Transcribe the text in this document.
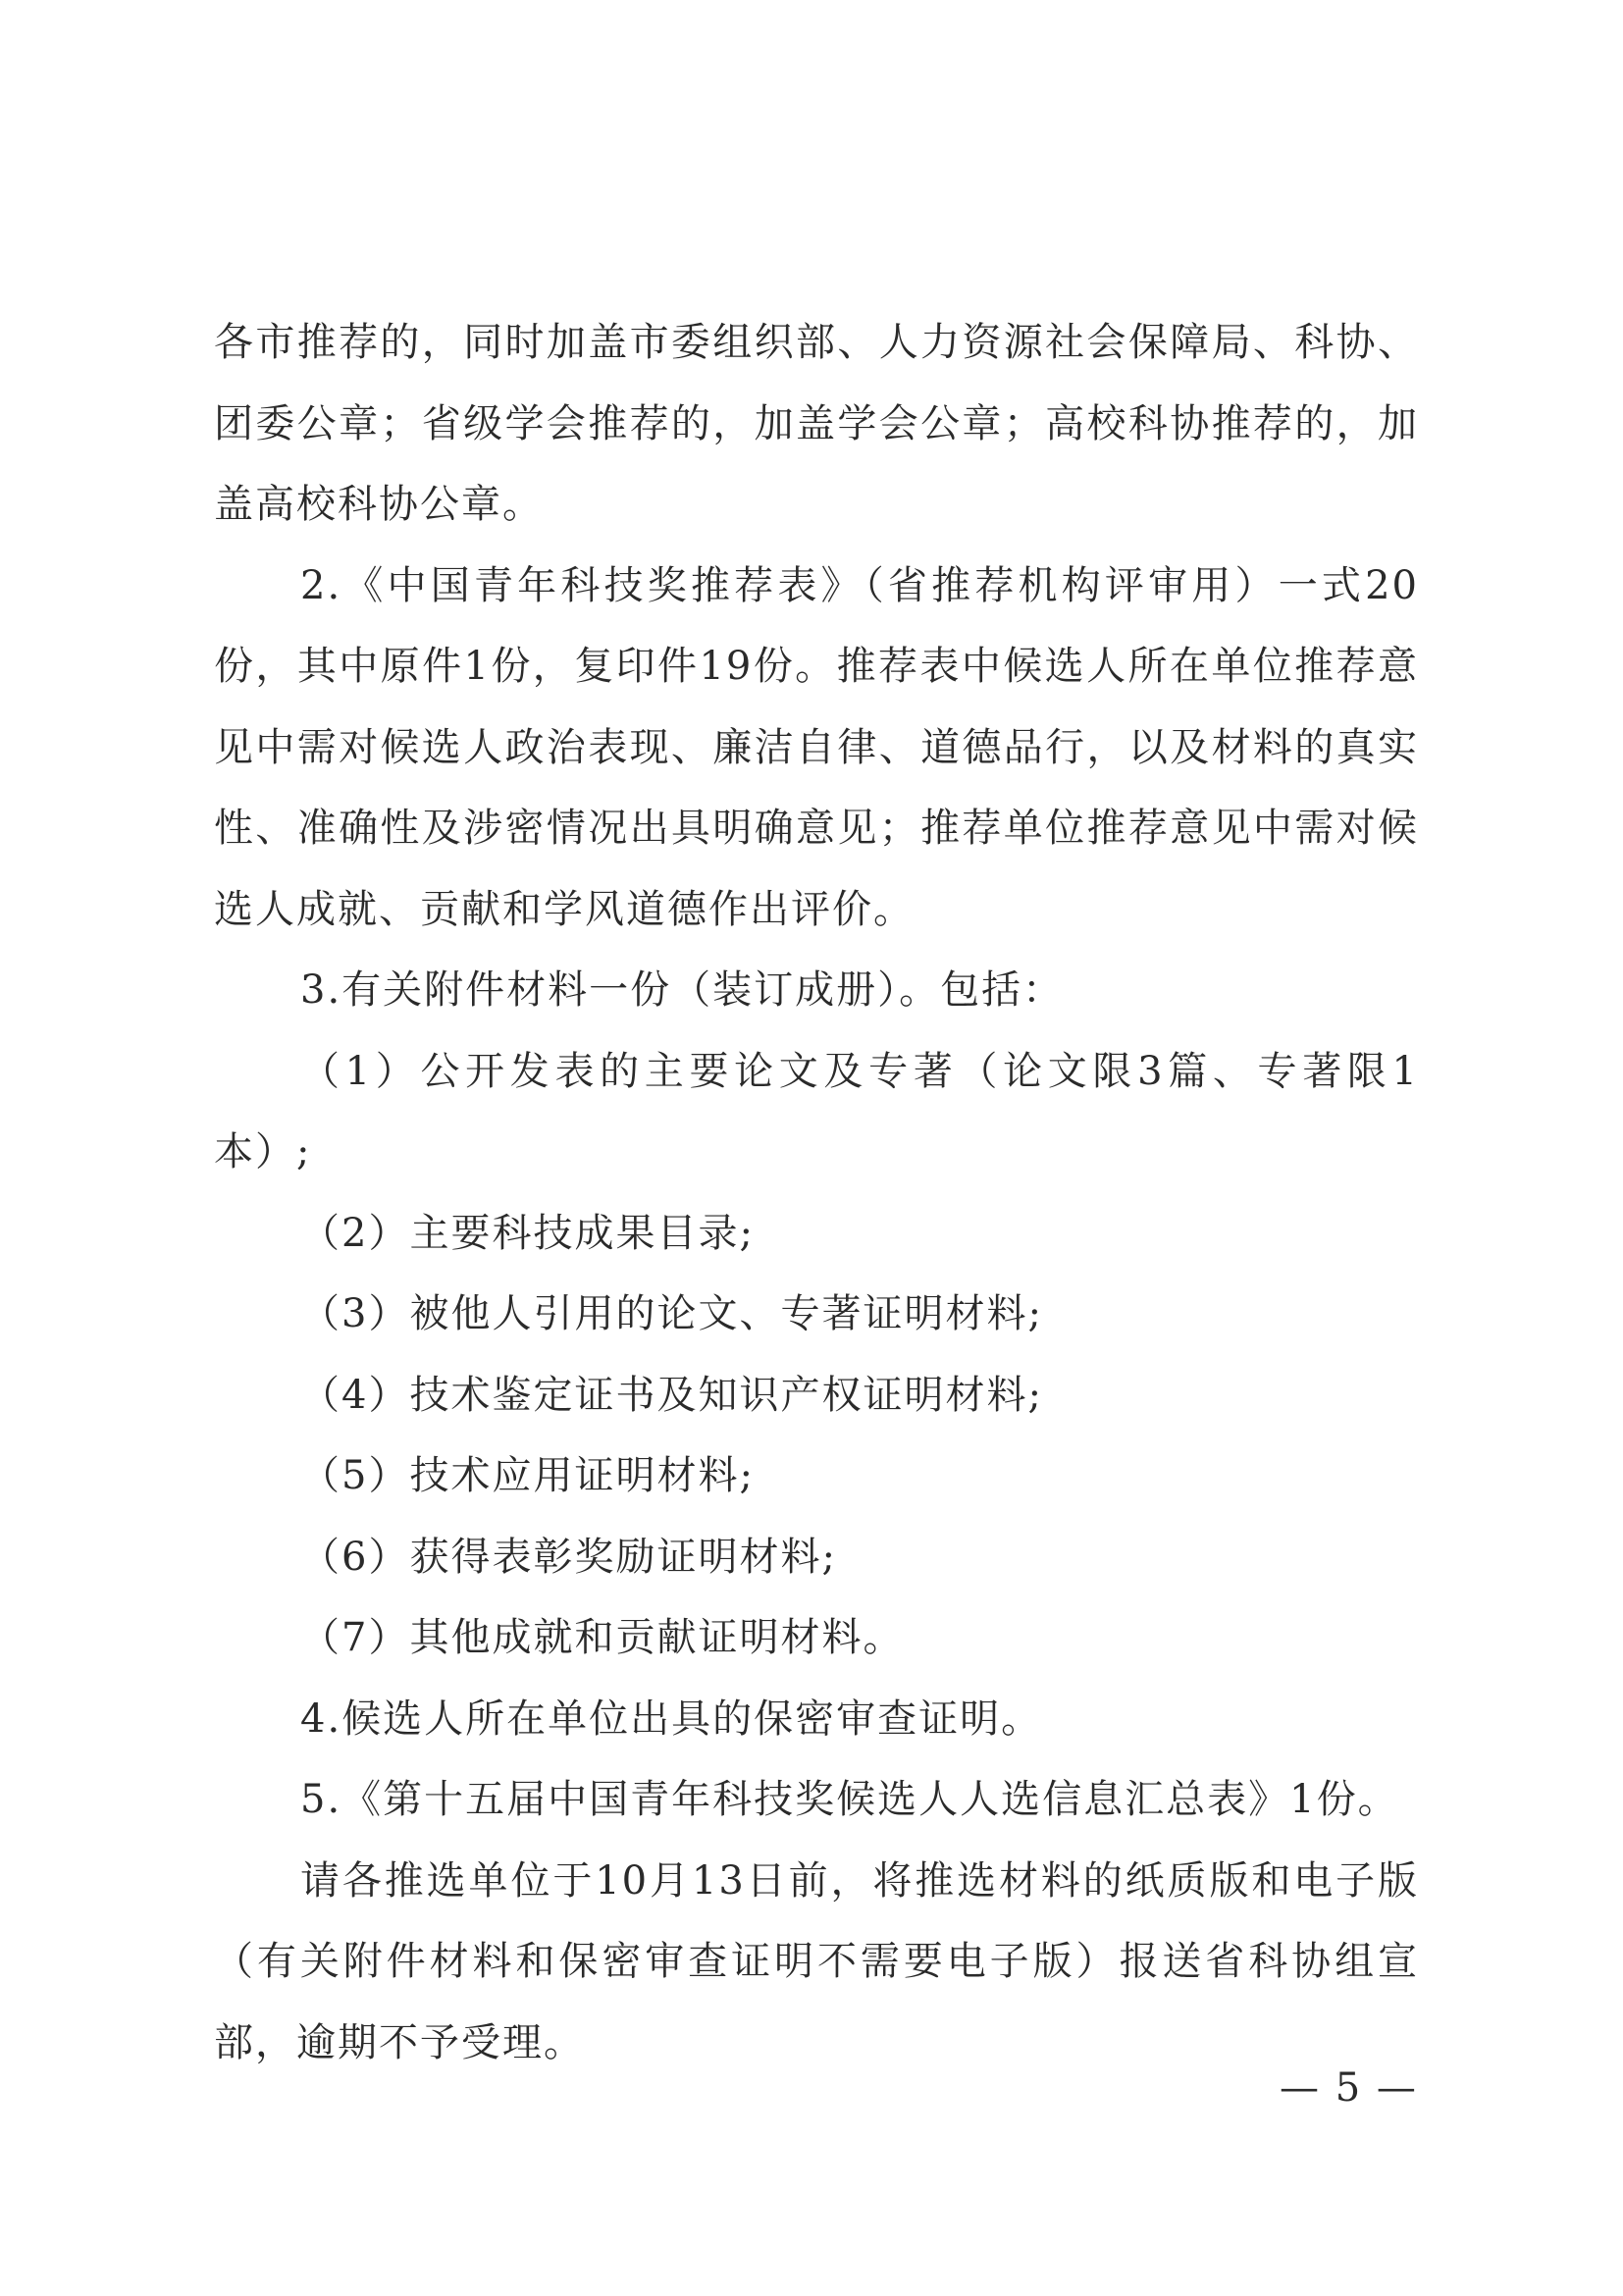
各市推荐的，同时加盖市委组织部、人力资源社会保障局、科协、团委公章；省级学会推荐的，加盖学会公章；高校科协推荐的，加盖高校科协公章。

2.《中国青年科技奖推荐表》（省推荐机构评审用）一式20份，其中原件1份，复印件19份。推荐表中候选人所在单位推荐意见中需对候选人政治表现、廉洁自律、道德品行，以及材料的真实性、准确性及涉密情况出具明确意见；推荐单位推荐意见中需对候选人成就、贡献和学风道德作出评价。

3.有关附件材料一份（装订成册）。包括：

（1）公开发表的主要论文及专著（论文限3篇、专著限1本）;

（2）主要科技成果目录;

（3）被他人引用的论文、专著证明材料;

（4）技术鉴定证书及知识产权证明材料;

（5）技术应用证明材料;

（6）获得表彰奖励证明材料;

（7）其他成就和贡献证明材料。

4.候选人所在单位出具的保密审查证明。

5.《第十五届中国青年科技奖候选人人选信息汇总表》1份。

请各推选单位于10月13日前，将推选材料的纸质版和电子版（有关附件材料和保密审查证明不需要电子版）报送省科协组宣部，逾期不予受理。

— 5 —
